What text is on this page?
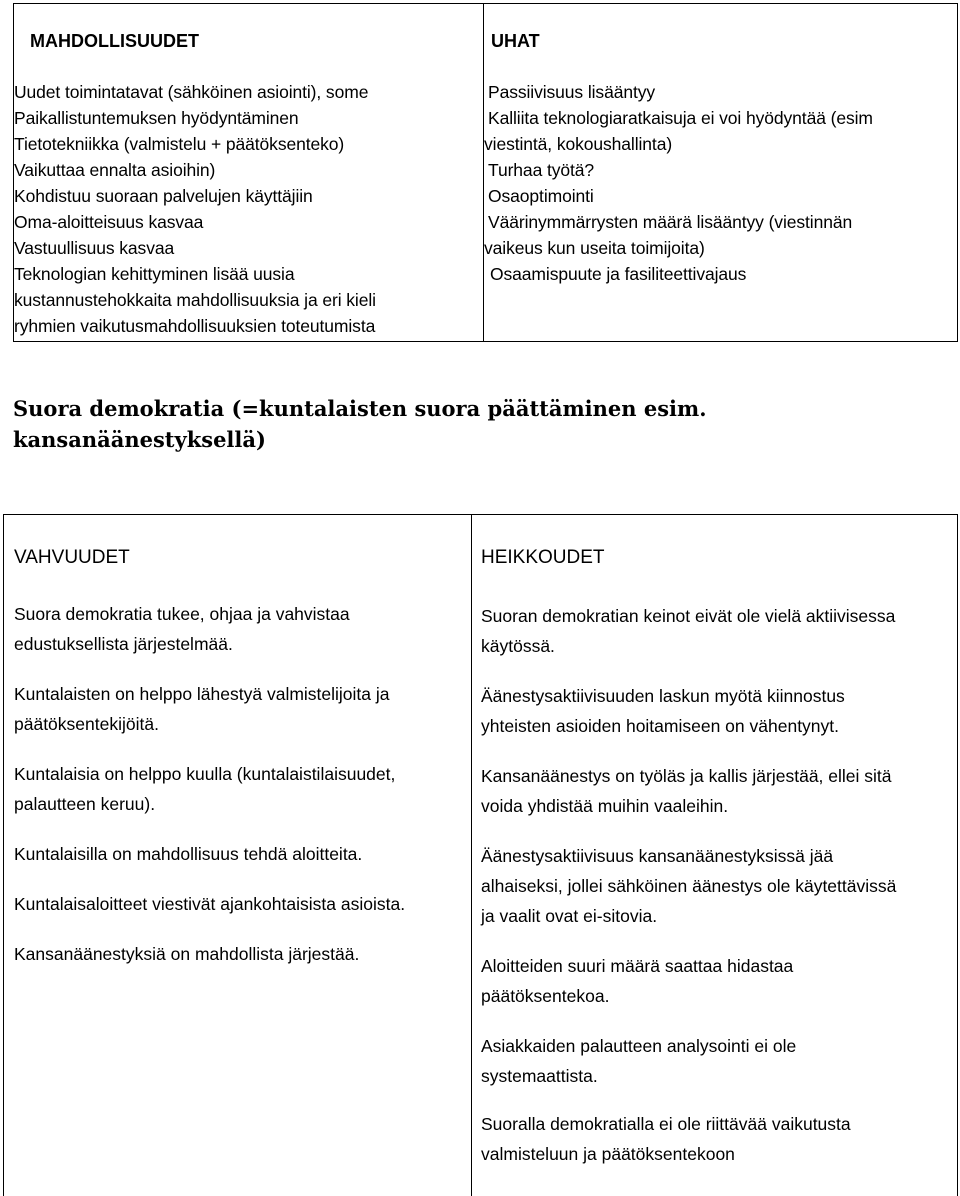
MAHDOLLISUUDET
Uudet toimintatavat (sähköinen asiointi), some
Paikallistuntemuksen hyödyntäminen
Tietotekniikka (valmistelu + päätöksenteko)
Vaikuttaa ennalta asioihin)
Kohdistuu suoraan palvelujen käyttäjiin
Oma-aloitteisuus kasvaa
Vastuullisuus kasvaa
Teknologian kehittyminen lisää uusia
kustannustehokkaita mahdollisuuksia ja eri kieli
ryhmien vaikutusmahdollisuuksien toteutumista
UHAT
Passiivisuus lisääntyy
Kalliita teknologiaratkaisuja ei voi hyödyntää (esim
viestintä, kokoushallinta)
Turhaa työtä?
Osaoptimointi
Väärinymmärrysten määrä lisääntyy (viestinnän
vaikeus kun useita toimijoita)
Osaamispuute ja fasiliteettivajaus
Suora demokratia (=kuntalaisten suora päättäminen esim.
kansanäänestyksellä)
VAHVUUDET
Suora demokratia tukee, ohjaa ja vahvistaa
edustuksellista järjestelmää.
Kuntalaisten on helppo lähestyä valmistelijoita ja
päätöksentekijöitä.
Kuntalaisia on helppo kuulla (kuntalaistilaisuudet,
palautteen keruu).
Kuntalaisilla on mahdollisuus tehdä aloitteita.
Kuntalaisaloitteet viestivät ajankohtaisista asioista.
Kansanäänestyksiä on mahdollista järjestää.
HEIKKOUDET
Suoran demokratian keinot eivät ole vielä aktiivisessa
käytössä.
Äänestysaktiivisuuden laskun myötä kiinnostus
yhteisten asioiden hoitamiseen on vähentynyt.
Kansanäänestys on työläs ja kallis järjestää, ellei sitä
voida yhdistää muihin vaaleihin.
Äänestysaktiivisuus kansanäänestyksissä jää
alhaiseksi, jollei sähköinen äänestys ole käytettävissä
ja vaalit ovat ei-sitovia.
Aloitteiden suuri määrä saattaa hidastaa
päätöksentekoa.
Asiakkaiden palautteen analysointi ei ole
systemaattista.
Suoralla demokratialla ei ole riittävää vaikutusta
valmisteluun ja päätöksentekoon
